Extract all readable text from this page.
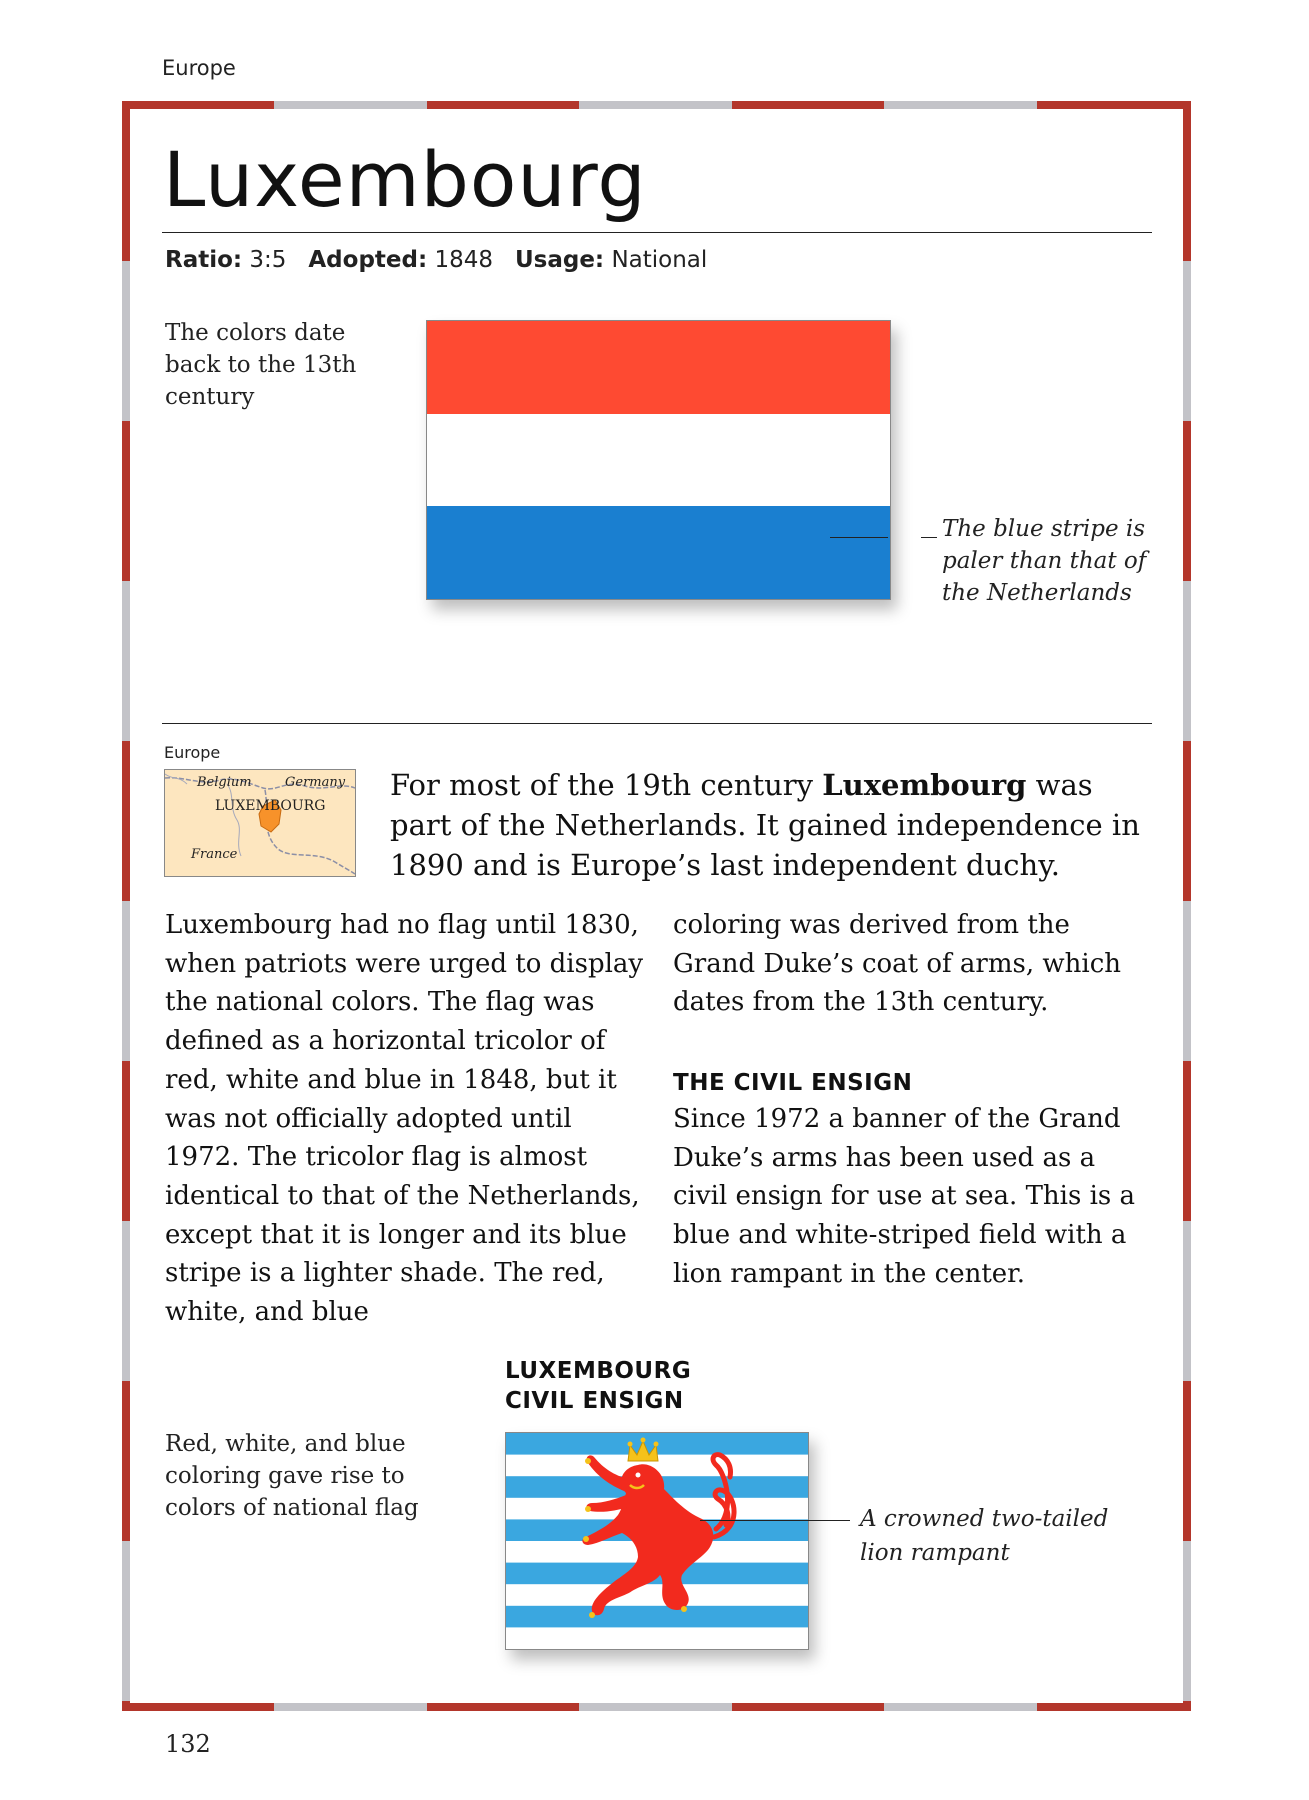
Europe
Luxembourg
Ratio: 3:5 Adopted: 1848 Usage: National
The colors date back to the 13th century
The blue stripe is paler than that of the Netherlands
Europe
Belgium	Germany
LUXEMBOURG
France
For most of the 19th century Luxembourg was part of the Netherlands. It gained independence in 1890 and is Europe’s last independent duchy.
Luxembourg had no flag until 1830, when patriots were urged to display the national colors. The flag was defined as a horizontal tricolor of red, white and blue in 1848, but it was not officially adopted until 1972. The tricolor flag is almost identical to that of the Netherlands, except that it is longer and its blue stripe is a lighter shade. The red, white, and blue
coloring was derived from the Grand Duke’s coat of arms, which dates from the 13th century.
THE CIVIL ENSIGN
Since 1972 a banner of the Grand Duke’s arms has been used as a civil ensign for use at sea. This is a blue and white-striped field with a lion rampant in the center.
LUXEMBOURG
CIVIL ENSIGN
Red, white, and blue coloring gave rise to colors of national flag	A crowned two-tailed lion rampant
132
